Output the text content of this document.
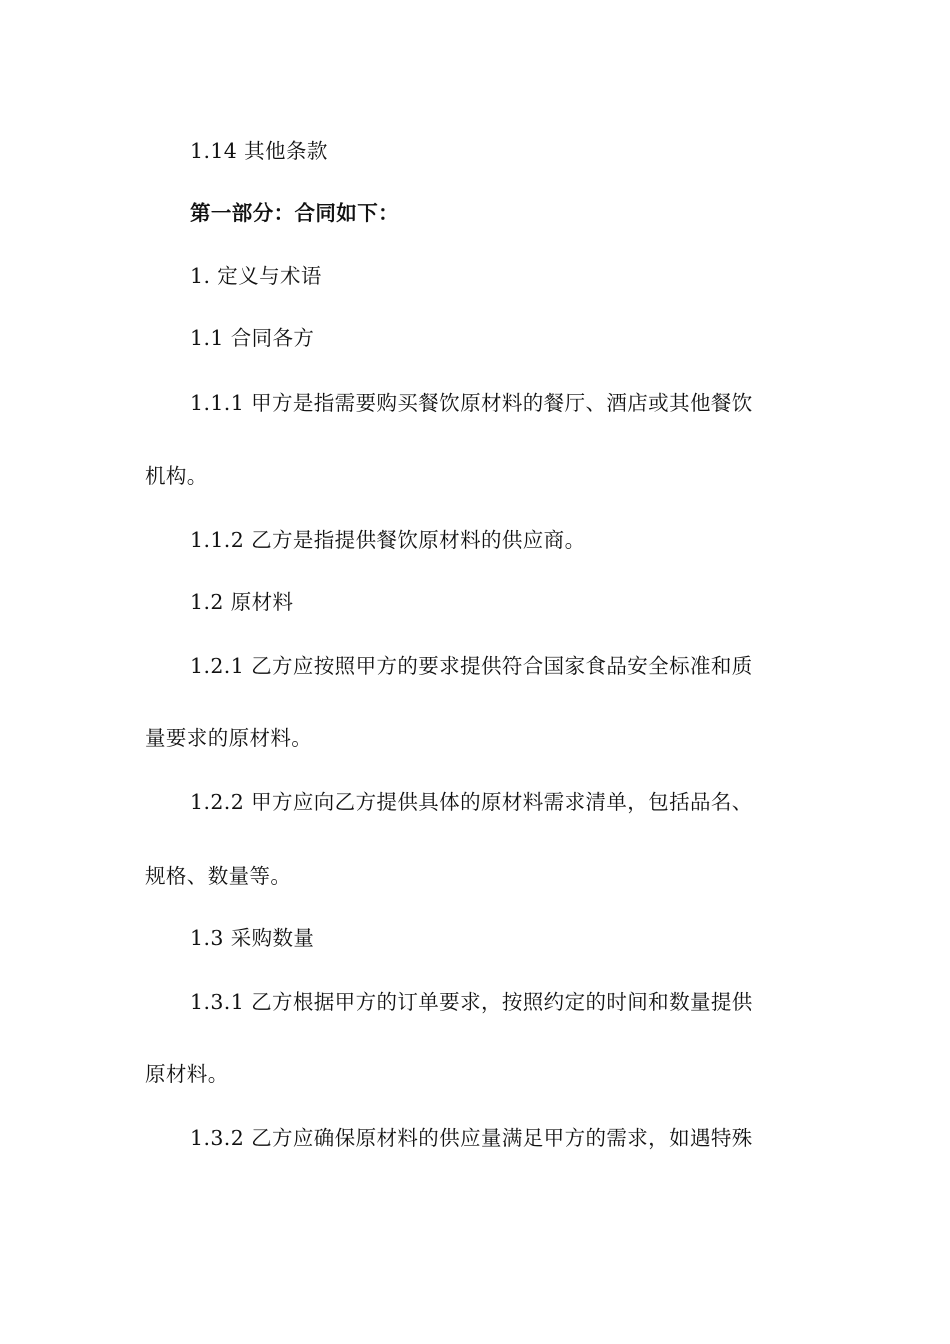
1.14 其他条款
第一部分：合同如下：
1. 定义与术语
1.1 合同各方
1.1.1 甲方是指需要购买餐饮原材料的餐厅、酒店或其他餐饮
机构。
1.1.2 乙方是指提供餐饮原材料的供应商。
1.2 原材料
1.2.1 乙方应按照甲方的要求提供符合国家食品安全标准和质
量要求的原材料。
1.2.2 甲方应向乙方提供具体的原材料需求清单，包括品名、
规格、数量等。
1.3 采购数量
1.3.1 乙方根据甲方的订单要求，按照约定的时间和数量提供
原材料。
1.3.2 乙方应确保原材料的供应量满足甲方的需求，如遇特殊
